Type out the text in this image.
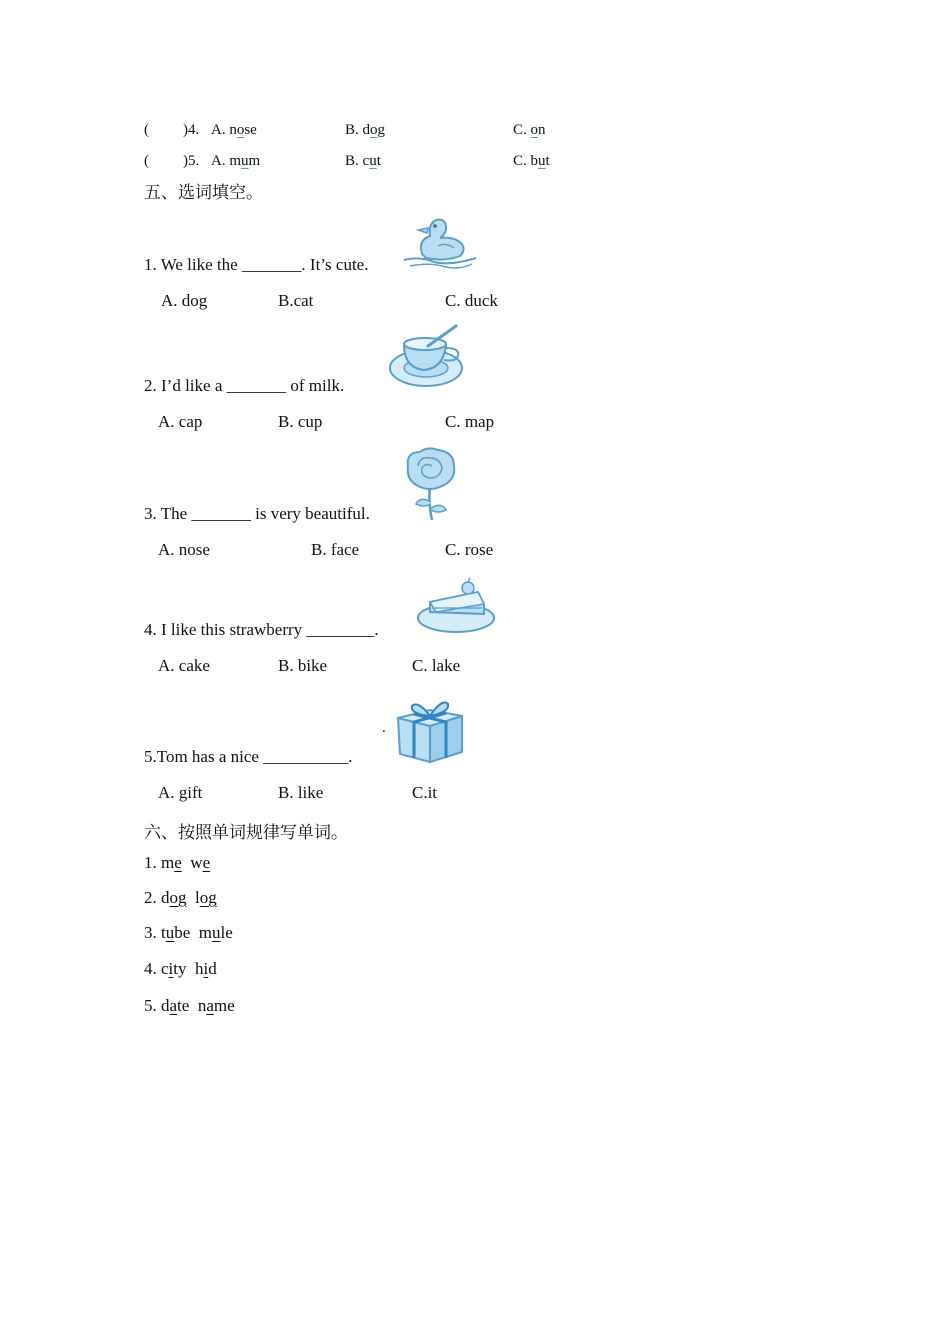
( )4. A. nose	B. dog	C. on
( )5. A. mum	B. cut	C. but
五、选词填空。
1. We like the _______. It’s cute.
A. dog	B.cat	C. duck
2. I’d like a _______ of milk.
A. cap	B. cup	C. map
3. The _______ is very beautiful.
A. nose	B. face	C. rose
4. I like this strawberry ________.
A. cake	B. bike	C. lake
5.Tom has a nice __________.
.
A. gift	B. like	C.it
六、按照单词规律写单词。
1. me we
2. dog log
3. tube mule
4. city hid
5. date name
